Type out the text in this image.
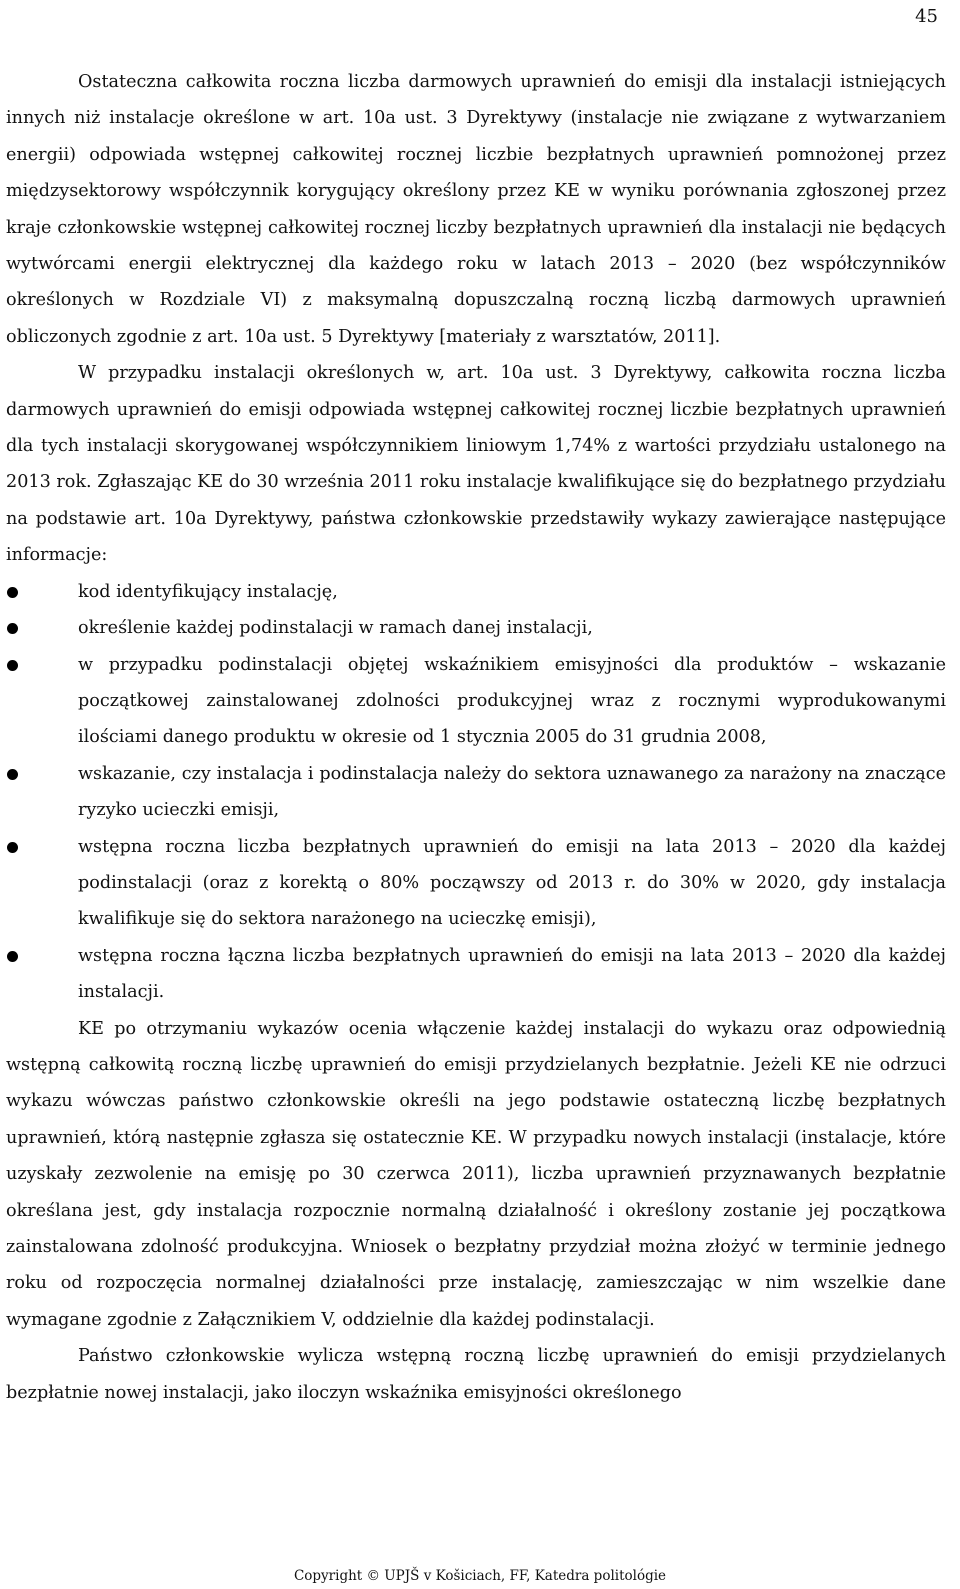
45

Ostateczna całkowita roczna liczba darmowych uprawnień do emisji dla instalacji istniejących innych niż instalacje określone w art. 10a ust. 3 Dyrektywy (instalacje nie związane z wytwarzaniem energii) odpowiada wstępnej całkowitej rocznej liczbie bezpłatnych uprawnień pomnożonej przez międzysektorowy współczynnik korygujący określony przez KE w wyniku porównania zgłoszonej przez kraje członkowskie wstępnej całkowitej rocznej liczby bezpłatnych uprawnień dla instalacji nie będących wytwórcami energii elektrycznej dla każdego roku w latach 2013 – 2020 (bez współczynników określonych w Rozdziale VI) z maksymalną dopuszczalną roczną liczbą darmowych uprawnień obliczonych zgodnie z art. 10a ust. 5 Dyrektywy [materiały z warsztatów, 2011].

W przypadku instalacji określonych w, art. 10a ust. 3 Dyrektywy, całkowita roczna liczba darmowych uprawnień do emisji odpowiada wstępnej całkowitej rocznej liczbie bezpłatnych uprawnień dla tych instalacji skorygowanej współczynnikiem liniowym 1,74% z wartości przydziału ustalonego na 2013 rok. Zgłaszając KE do 30 września 2011 roku instalacje kwalifikujące się do bezpłatnego przydziału na podstawie art. 10a Dyrektywy, państwa członkowskie przedstawiły wykazy zawierające następujące informacje:

kod identyfikujący instalację,
określenie każdej podinstalacji w ramach danej instalacji,
w przypadku podinstalacji objętej wskaźnikiem emisyjności dla produktów – wskazanie początkowej zainstalowanej zdolności produkcyjnej wraz z rocznymi wyprodukowanymi ilościami danego produktu w okresie od 1 stycznia 2005 do 31 grudnia 2008,
wskazanie, czy instalacja i podinstalacja należy do sektora uznawanego za narażony na znaczące ryzyko ucieczki emisji,
wstępna roczna liczba bezpłatnych uprawnień do emisji na lata 2013 – 2020 dla każdej podinstalacji (oraz z korektą o 80% począwszy od 2013 r. do 30% w 2020, gdy instalacja kwalifikuje się do sektora narażonego na ucieczkę emisji),
wstępna roczna łączna liczba bezpłatnych uprawnień do emisji na lata 2013 – 2020 dla każdej instalacji.

KE po otrzymaniu wykazów ocenia włączenie każdej instalacji do wykazu oraz odpowiednią wstępną całkowitą roczną liczbę uprawnień do emisji przydzielanych bezpłatnie. Jeżeli KE nie odrzuci wykazu wówczas państwo członkowskie określi na jego podstawie ostateczną liczbę bezpłatnych uprawnień, którą następnie zgłasza się ostatecznie KE. W przypadku nowych instalacji (instalacje, które uzyskały zezwolenie na emisję po 30 czerwca 2011), liczba uprawnień przyznawanych bezpłatnie określana jest, gdy instalacja rozpocznie normalną działalność i określony zostanie jej początkowa zainstalowana zdolność produkcyjna. Wniosek o bezpłatny przydział można złożyć w terminie jednego roku od rozpoczęcia normalnej działalności prze instalację, zamieszczając w nim wszelkie dane wymagane zgodnie z Załącznikiem V, oddzielnie dla każdej podinstalacji.

Państwo członkowskie wylicza wstępną roczną liczbę uprawnień do emisji przydzielanych bezpłatnie nowej instalacji, jako iloczyn wskaźnika emisyjności określonego

Copyright © UPJŠ v Košiciach, FF, Katedra politológie
